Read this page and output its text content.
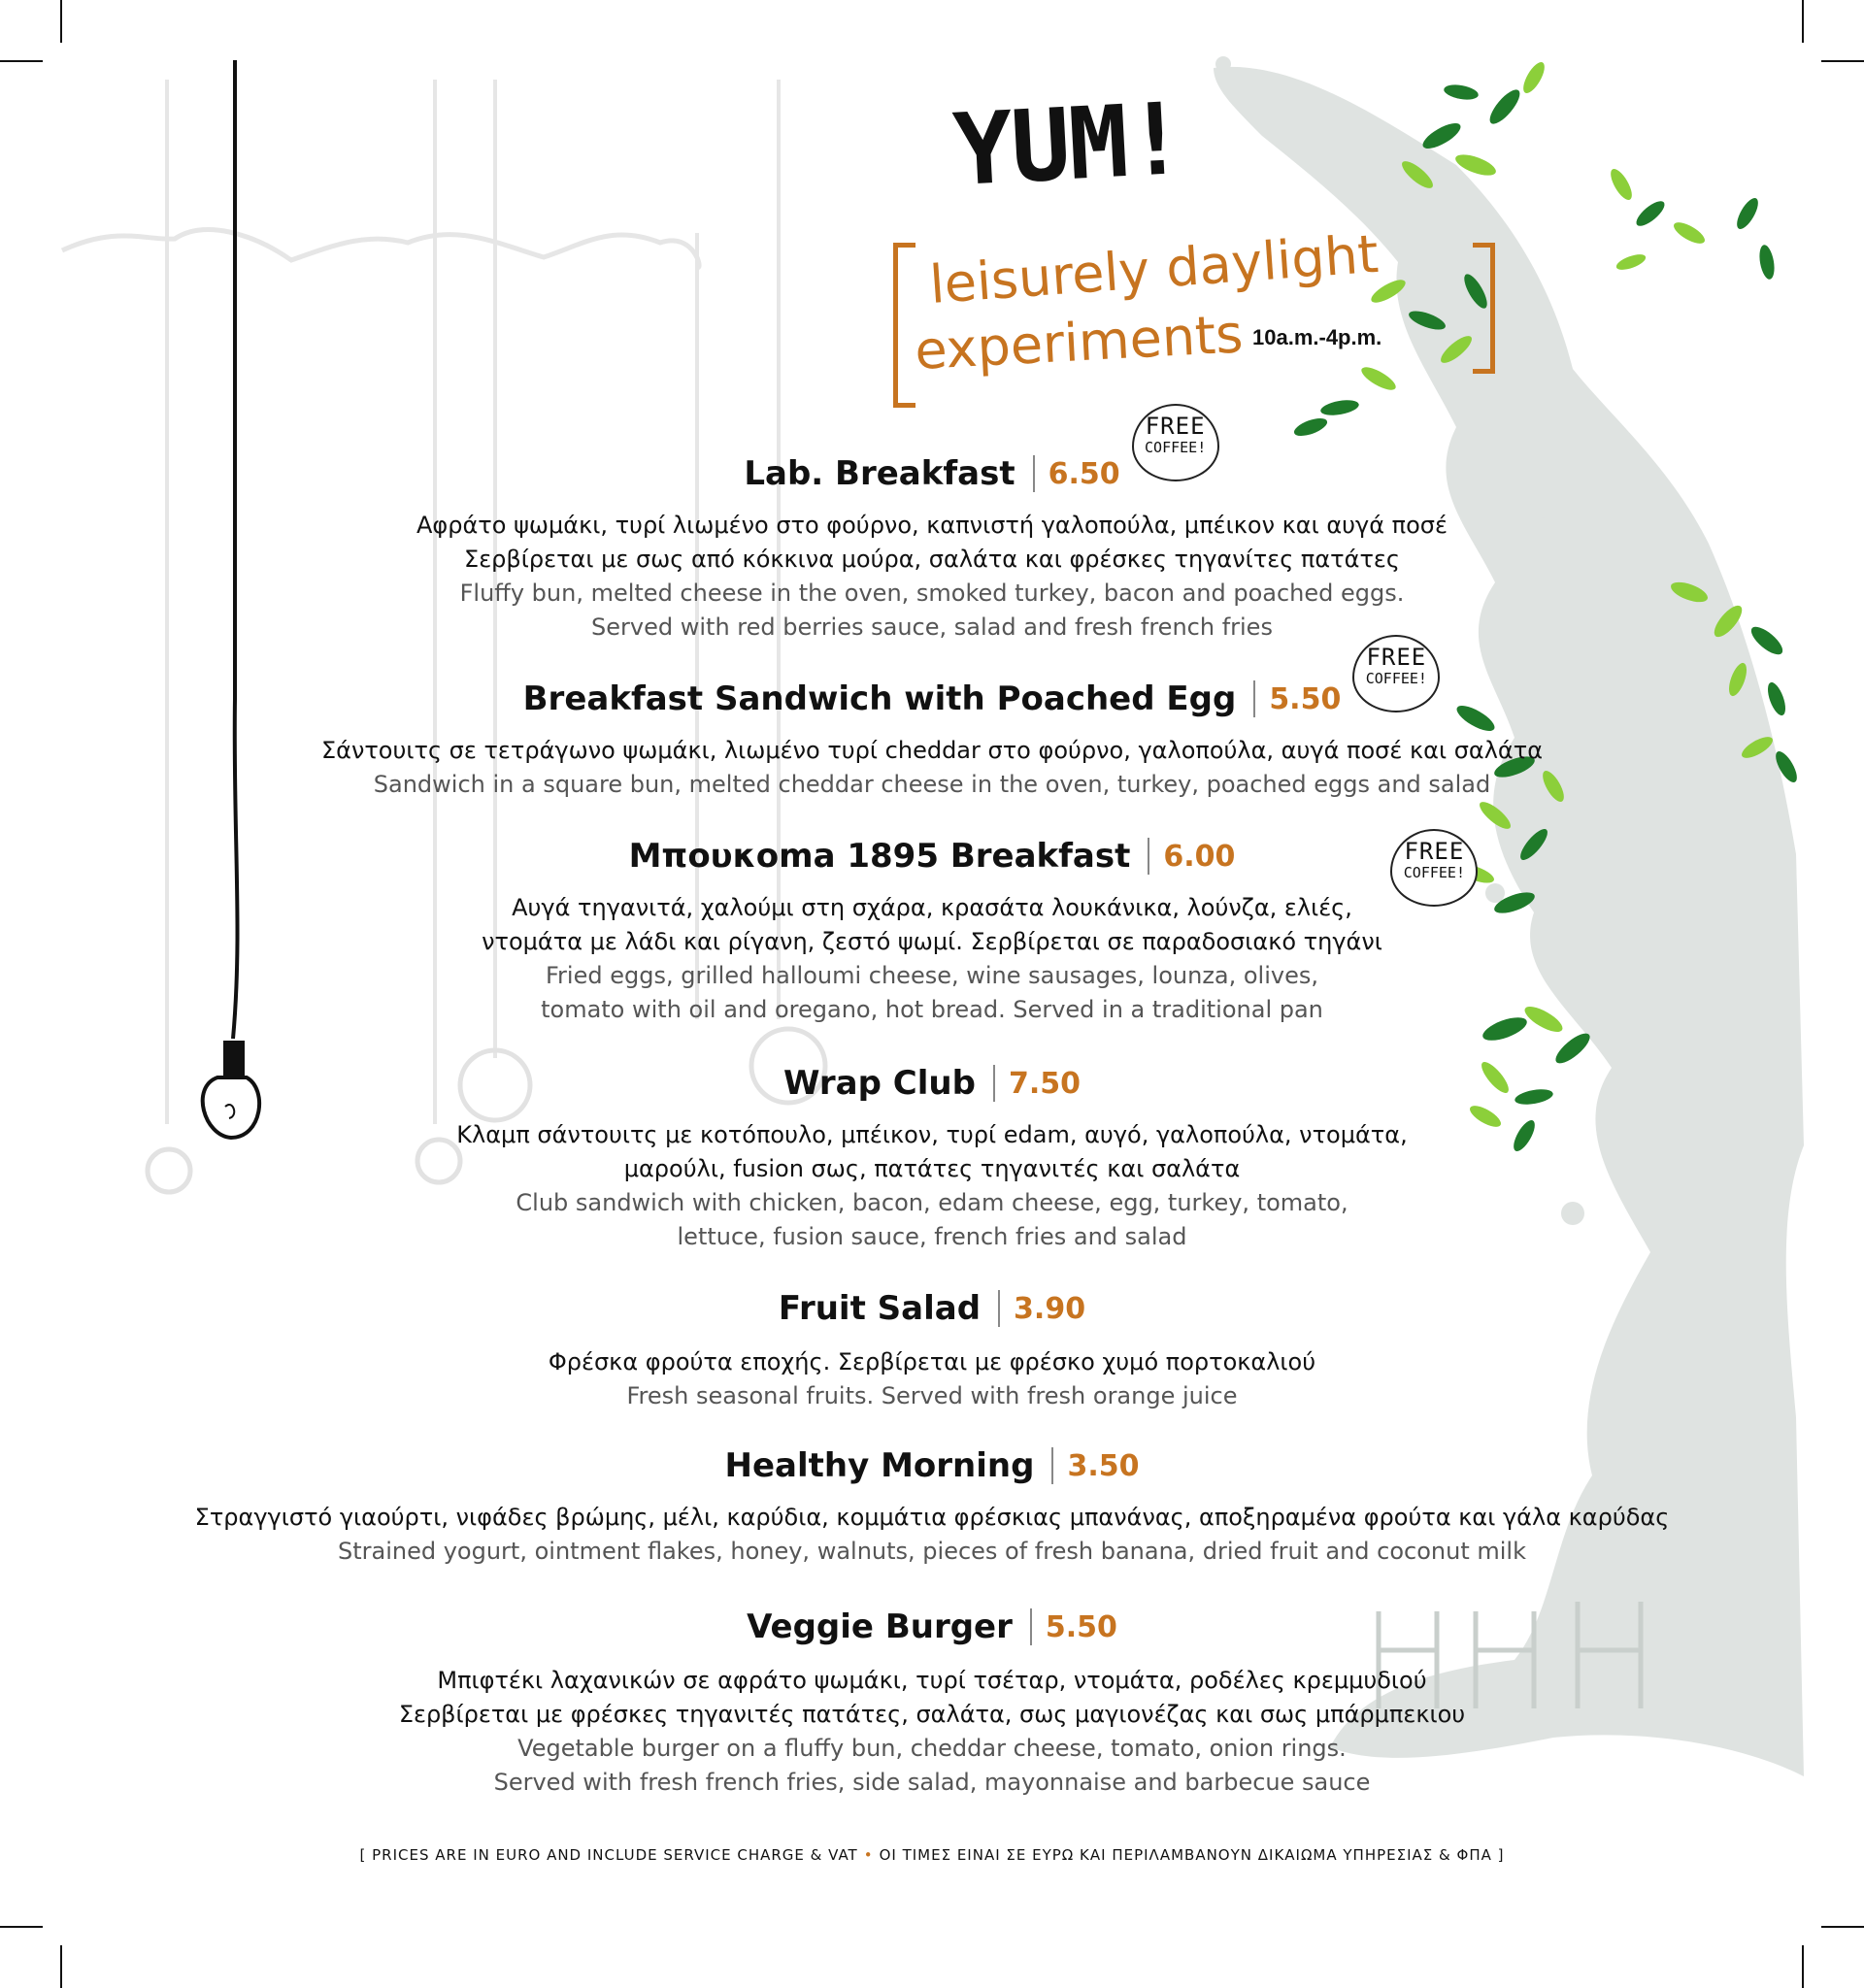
YUM!
leisurely daylight
experiments 10a.m.-4p.m.
Lab. Breakfast 6.50
FREE
COFFEE!
Αφράτο ψωμάκι, τυρί λιωμένο στο φούρνο, καπνιστή γαλοπούλα, μπέικον και αυγά ποσέ
Σερβίρεται με σως από κόκκινα μούρα, σαλάτα και φρέσκες τηγανίτες πατάτες
Fluffy bun, melted cheese in the oven, smoked turkey, bacon and poached eggs.
Served with red berries sauce, salad and fresh french fries
Breakfast Sandwich with Poached Egg 5.50
FREE
COFFEE!
Σάντουιτς σε τετράγωνο ψωμάκι, λιωμένο τυρί cheddar στο φούρνο, γαλοπούλα, αυγά ποσέ και σαλάτα
Sandwich in a square bun, melted cheddar cheese in the oven, turkey, poached eggs and salad
Μπουκoma 1895 Breakfast 6.00	FREE
COFFEE!
Αυγά τηγανιτά, χαλούμι στη σχάρα, κρασάτα λουκάνικα, λούνζα, ελιές,
ντομάτα με λάδι και ρίγανη, ζεστό ψωμί. Σερβίρεται σε παραδοσιακό τηγάνι
Fried eggs, grilled halloumi cheese, wine sausages, lounza, olives,
tomato with oil and oregano, hot bread. Served in a traditional pan
Wrap Club 7.50
Κλαμπ σάντουιτς με κοτόπουλο, μπέικον, τυρί edam, αυγό, γαλοπούλα, ντομάτα,
μαρούλι, fusion σως, πατάτες τηγανιτές και σαλάτα
Club sandwich with chicken, bacon, edam cheese, egg, turkey, tomato,
lettuce, fusion sauce, french fries and salad
Fruit Salad 3.90
Φρέσκα φρούτα εποχής. Σερβίρεται με φρέσκο χυμό πορτοκαλιού
Fresh seasonal fruits. Served with fresh orange juice
Healthy Morning 3.50
Στραγγιστό γιαούρτι, νιφάδες βρώμης, μέλι, καρύδια, κομμάτια φρέσκιας μπανάνας, αποξηραμένα φρούτα και γάλα καρύδας
Strained yogurt, ointment flakes, honey, walnuts, pieces of fresh banana, dried fruit and coconut milk
Veggie Burger 5.50
Μπιφτέκι λαχανικών σε αφράτο ψωμάκι, τυρί τσέταρ, ντομάτα, ροδέλες κρεμμυδιού
Σερβίρεται με φρέσκες τηγανιτές πατάτες, σαλάτα, σως μαγιονέζας και σως μπάρμπεκιου
Vegetable burger on a fluffy bun, cheddar cheese, tomato, onion rings.
Served with fresh french fries, side salad, mayonnaise and barbecue sauce
[ PRICES ARE IN EURO AND INCLUDE SERVICE CHARGE & VAT • ΟΙ ΤΙΜΕΣ ΕΙΝΑΙ ΣΕ ΕΥΡΩ ΚΑΙ ΠΕΡΙΛΑΜΒΑΝΟΥΝ ΔΙΚΑΙΩΜΑ ΥΠΗΡΕΣΙΑΣ & ΦΠΑ ]
